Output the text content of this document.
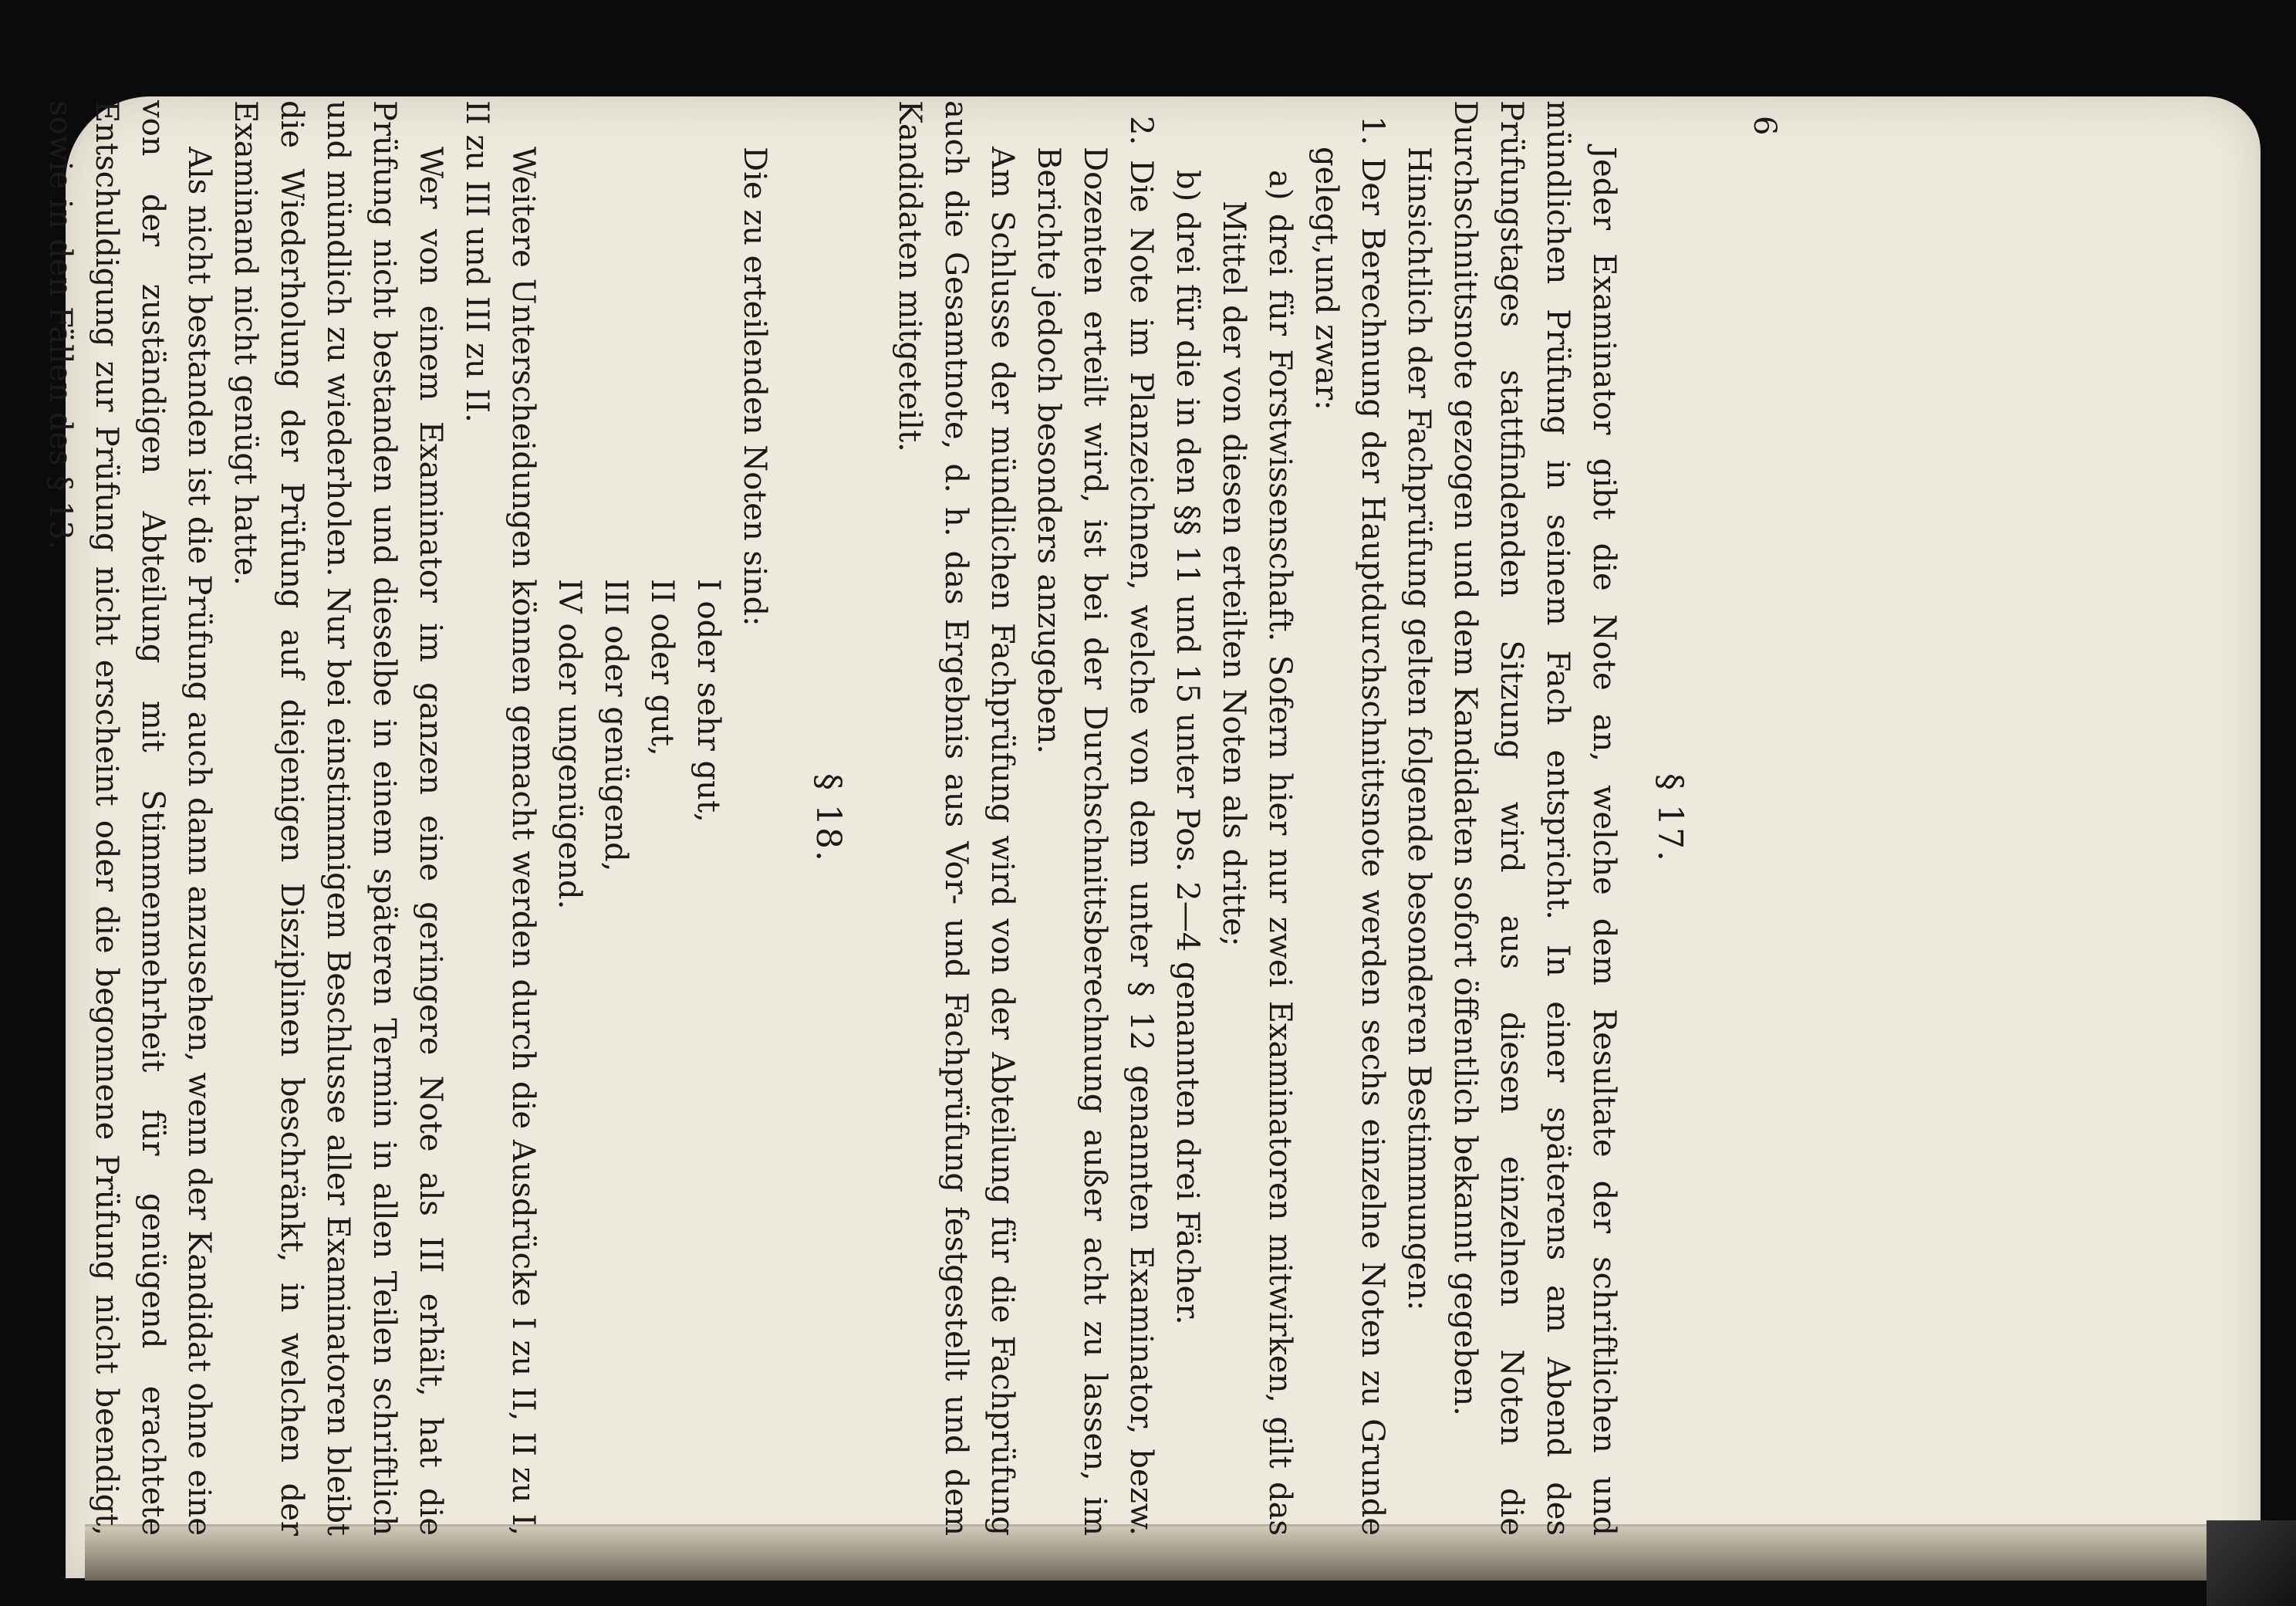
6
§ 17.

Jeder Examinator gibt die Note an, welche dem Resultate der schriftlichen und mündlichen Prüfung in seinem Fach entspricht. In einer späterens am Abend des Prüfungstages stattfindenden Sitzung wird aus diesen einzelnen Noten die Durchschnittsnote gezogen und dem Kandidaten sofort öffentlich bekannt gegeben.

Hinsichtlich der Fachprüfung gelten folgende besonderen Bestimmungen:

1. Der Berechnung der Hauptdurchschnittsnote werden sechs einzelne Noten zu Grunde gelegt,und zwar:

a) drei für Forstwissenschaft. Sofern hier nur zwei Examinatoren mitwirken, gilt das Mittel der von diesen erteilten Noten als dritte;

b) drei für die in den §§ 11 und 15 unter Pos. 2—4 genannten drei Fächer.

2. Die Note im Planzeichnen, welche von dem unter § 12 genannten Examinator, bezw. Dozenten erteilt wird, ist bei der Durchschnittsberechnung außer acht zu lassen, im Berichte jedoch besonders anzugeben.

Am Schlusse der mündlichen Fachprüfung wird von der Abteilung für die Fachprüfung auch die Gesamtnote, d. h. das Ergebnis aus Vor- und Fachprüfung festgestellt und dem Kandidaten mitgeteilt.

§ 18.

Die zu erteilenden Noten sind:

I oder sehr gut,
II oder gut,
III oder genügend,
IV oder ungenügend.

Weitere Unterscheidungen können gemacht werden durch die Ausdrücke I zu II, II zu I, II zu III und III zu II.

Wer von einem Examinator im ganzen eine geringere Note als III erhält, hat die Prüfung nicht bestanden und dieselbe in einem späteren Termin in allen Teilen schriftlich und mündlich zu wiederholen. Nur bei einstimmigem Beschlusse aller Examinatoren bleibt die Wiederholung der Prüfung auf diejenigen Disziplinen beschränkt, in welchen der Examinand nicht genügt hatte.

Als nicht bestanden ist die Prüfung auch dann anzusehen, wenn der Kandidat ohne eine von der zuständigen Abteilung mit Stimmenmehrheit für genügend erachtete Entschuldigung zur Prüfung nicht erscheint oder die begonnene Prüfung nicht beendigt, sowie in den Fällen des § 13.
